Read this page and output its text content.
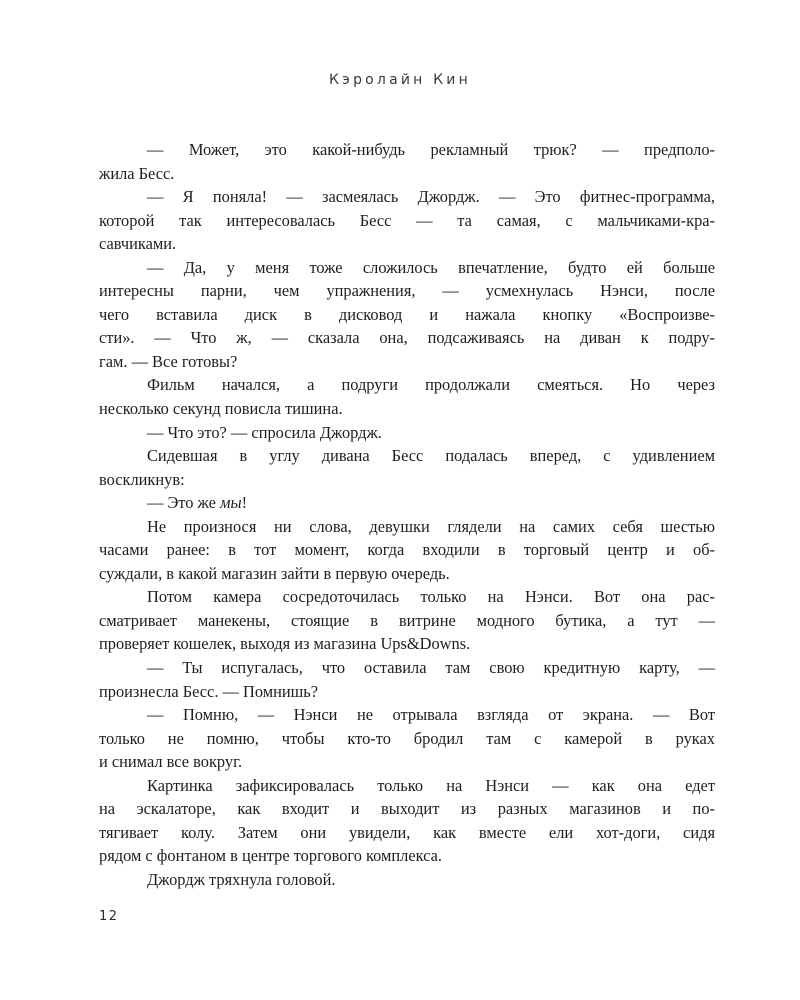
Кэролайн Кин
— Может, это какой-нибудь рекламный трюк? — предполо-
жила Бесс.
— Я поняла! — засмеялась Джордж. — Это фитнес-программа,
которой так интересовалась Бесс — та самая, с мальчиками-кра-
савчиками.
— Да, у меня тоже сложилось впечатление, будто ей больше
интересны парни, чем упражнения, — усмехнулась Нэнси, после
чего вставила диск в дисковод и нажала кнопку «Воспроизве-
сти». — Что ж, — сказала она, подсаживаясь на диван к подру-
гам. — Все готовы?
Фильм начался, а подруги продолжали смеяться. Но через
несколько секунд повисла тишина.
— Что это? — спросила Джордж.
Сидевшая в углу дивана Бесс подалась вперед, с удивлением
воскликнув:
— Это же мы!
Не произнося ни слова, девушки глядели на самих себя шестью
часами ранее: в тот момент, когда входили в торговый центр и об-
суждали, в какой магазин зайти в первую очередь.
Потом камера сосредоточилась только на Нэнси. Вот она рас-
сматривает манекены, стоящие в витрине модного бутика, а тут —
проверяет кошелек, выходя из магазина Ups&Downs.
— Ты испугалась, что оставила там свою кредитную карту, —
произнесла Бесс. — Помнишь?
— Помню, — Нэнси не отрывала взгляда от экрана. — Вот
только не помню, чтобы кто-то бродил там с камерой в руках
и снимал все вокруг.
Картинка зафиксировалась только на Нэнси — как она едет
на эскалаторе, как входит и выходит из разных магазинов и по-
тягивает колу. Затем они увидели, как вместе ели хот-доги, сидя
рядом с фонтаном в центре торгового комплекса.
Джордж тряхнула головой.
12
